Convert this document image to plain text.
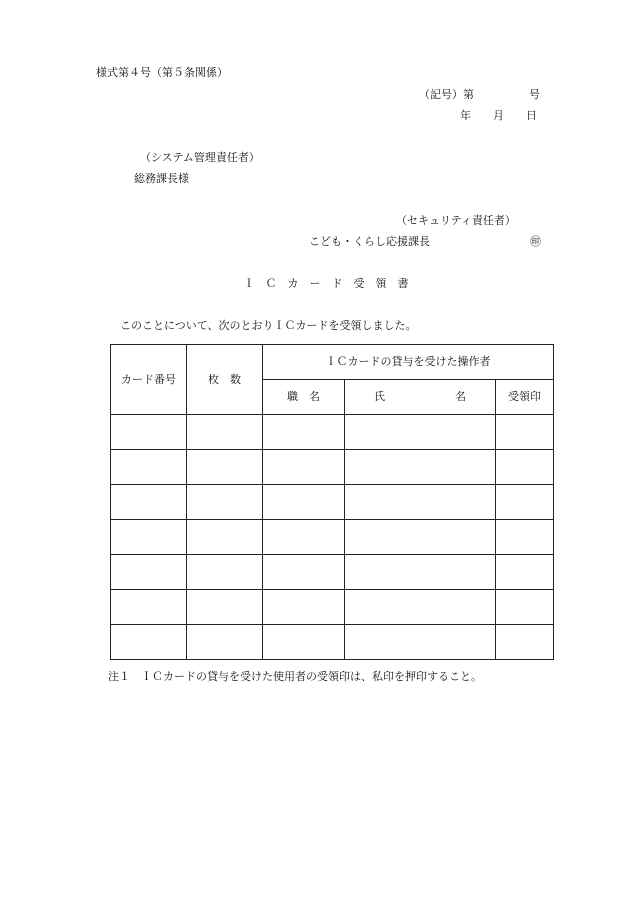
様式第４号（第５条関係）
（記号）第　　　　　号
年　　月　　日
（システム管理責任者）
総務課長様
（セキュリティ責任者）
こども・くらし応援課長	㊞
Ｉ Ｃ カ ー ド 受 領 書
このことについて、次のとおりＩＣカードを受領しました。
カード番号	枚　数	ＩＣカードの貸与を受けた操作者		
		職　名	氏 名	受領印

注１　ＩＣカードの貸与を受けた使用者の受領印は、私印を押印すること。
